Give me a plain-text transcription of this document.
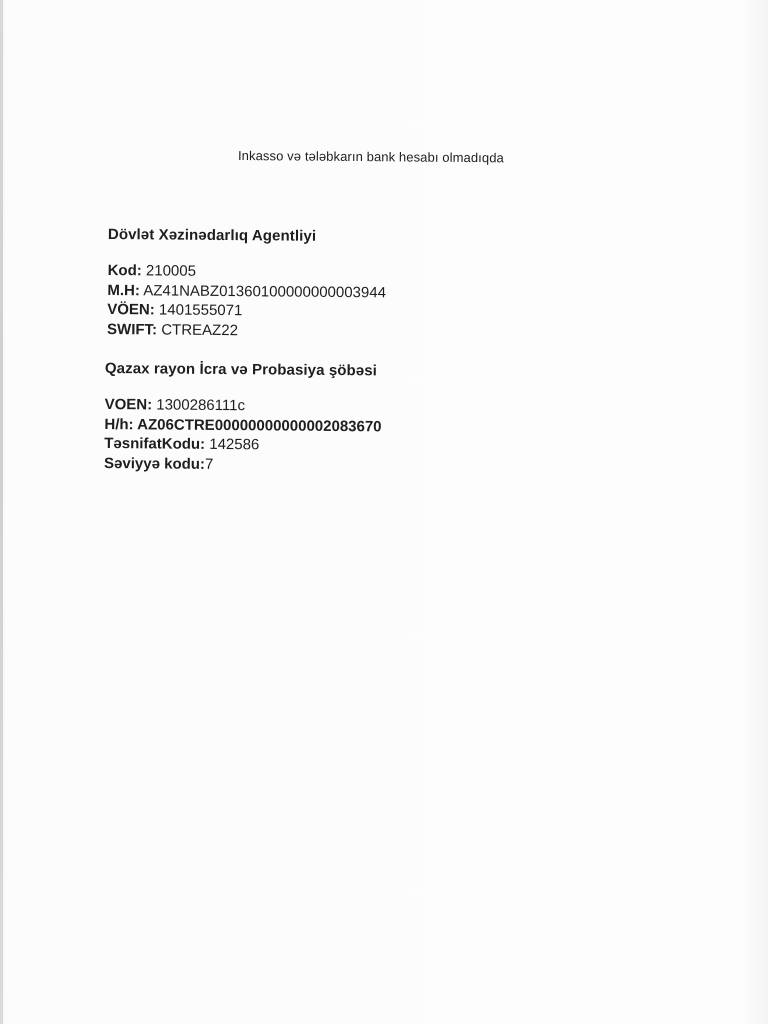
Inkasso və tələbkarın bank hesabı olmadıqda
Dövlət Xəzinədarlıq Agentliyi
Kod: 210005
M.H: AZ41NABZ01360100000000003944
VÖEN: 1401555071
SWIFT: CTREAZ22
Qazax rayon İcra və Probasiya şöbəsi
VOEN: 1300286111c
H/h: AZ06CTRE00000000000002083670
TəsnifatKodu: 142586
Səviyyə kodu:7
